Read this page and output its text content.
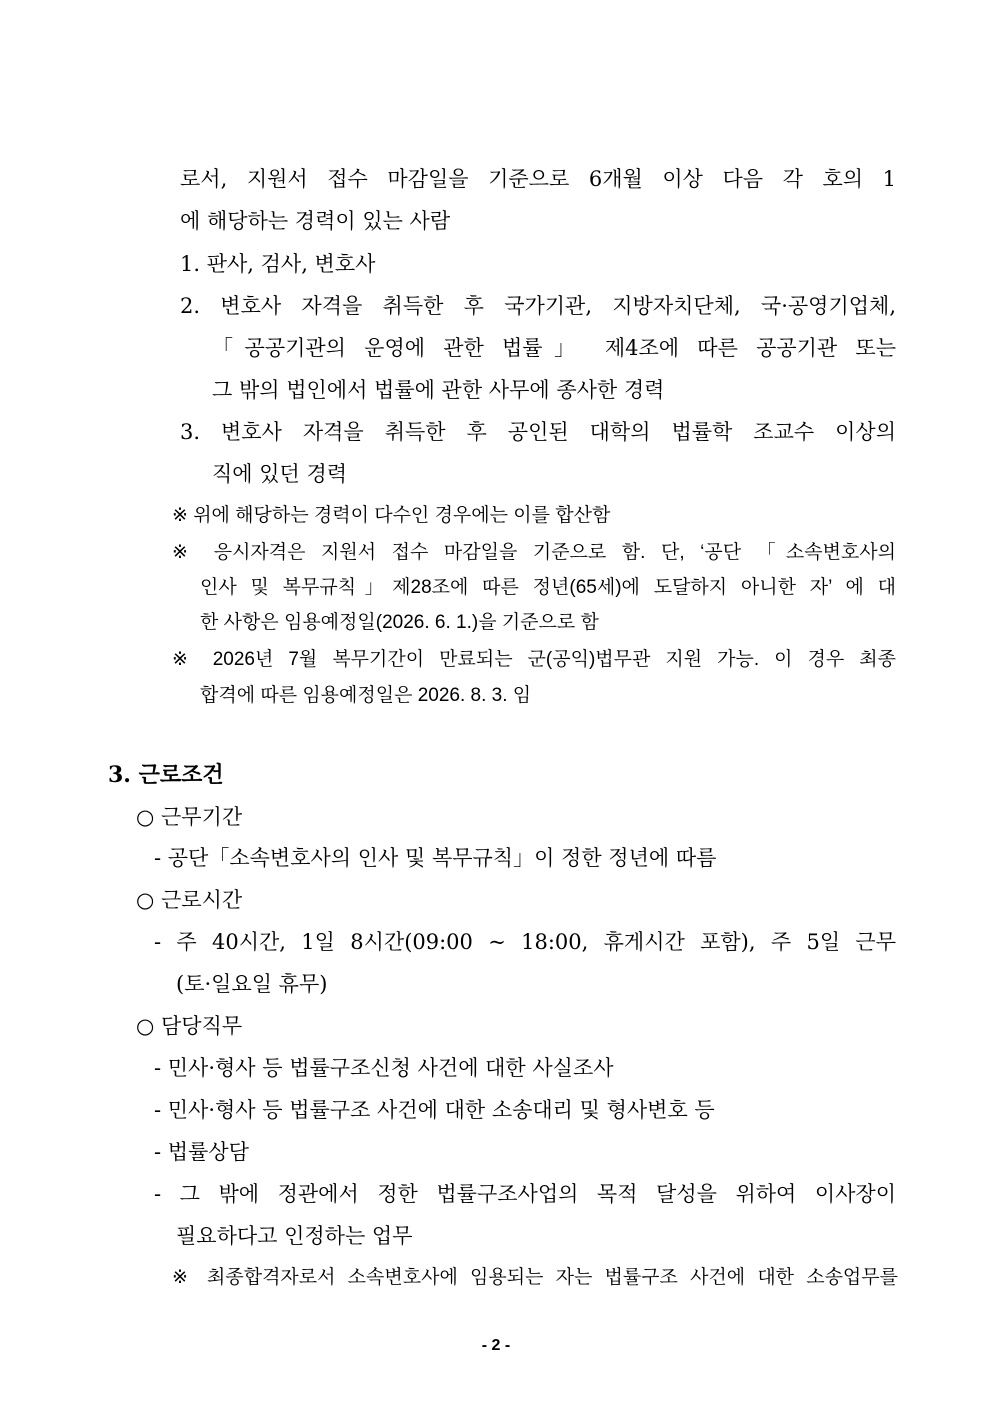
로서, 지원서 접수 마감일을 기준으로 6개월 이상 다음 각 호의 1
에 해당하는 경력이 있는 사람
1. 판사, 검사, 변호사
2. 변호사 자격을 취득한 후 국가기관, 지방자치단체, 국·공영기업체,
「공공기관의 운영에 관한 법률」 제4조에 따른 공공기관 또는
그 밖의 법인에서 법률에 관한 사무에 종사한 경력
3. 변호사 자격을 취득한 후 공인된 대학의 법률학 조교수 이상의
직에 있던 경력
※ 위에 해당하는 경력이 다수인 경우에는 이를 합산함
※ 응시자격은 지원서 접수 마감일을 기준으로 함. 단, ‘공단 「소속변호사의
인사 및 복무규칙」제28조에 따른 정년(65세)에 도달하지 아니한 자’ 에 대
한 사항은 임용예정일(2026. 6. 1.)을 기준으로 함
※ 2026년 7월 복무기간이 만료되는 군(공익)법무관 지원 가능. 이 경우 최종
합격에 따른 임용예정일은 2026. 8. 3. 임
3. 근로조건
○ 근무기간
- 공단「소속변호사의 인사 및 복무규칙」이 정한 정년에 따름
○ 근로시간
- 주 40시간, 1일 8시간(09:00 ~ 18:00, 휴게시간 포함), 주 5일 근무
(토·일요일 휴무)
○ 담당직무
- 민사·형사 등 법률구조신청 사건에 대한 사실조사
- 민사·형사 등 법률구조 사건에 대한 소송대리 및 형사변호 등
- 법률상담
- 그 밖에 정관에서 정한 법률구조사업의 목적 달성을 위하여 이사장이
필요하다고 인정하는 업무
※ 최종합격자로서 소속변호사에 임용되는 자는 법률구조 사건에 대한 소송업무를
- 2 -
